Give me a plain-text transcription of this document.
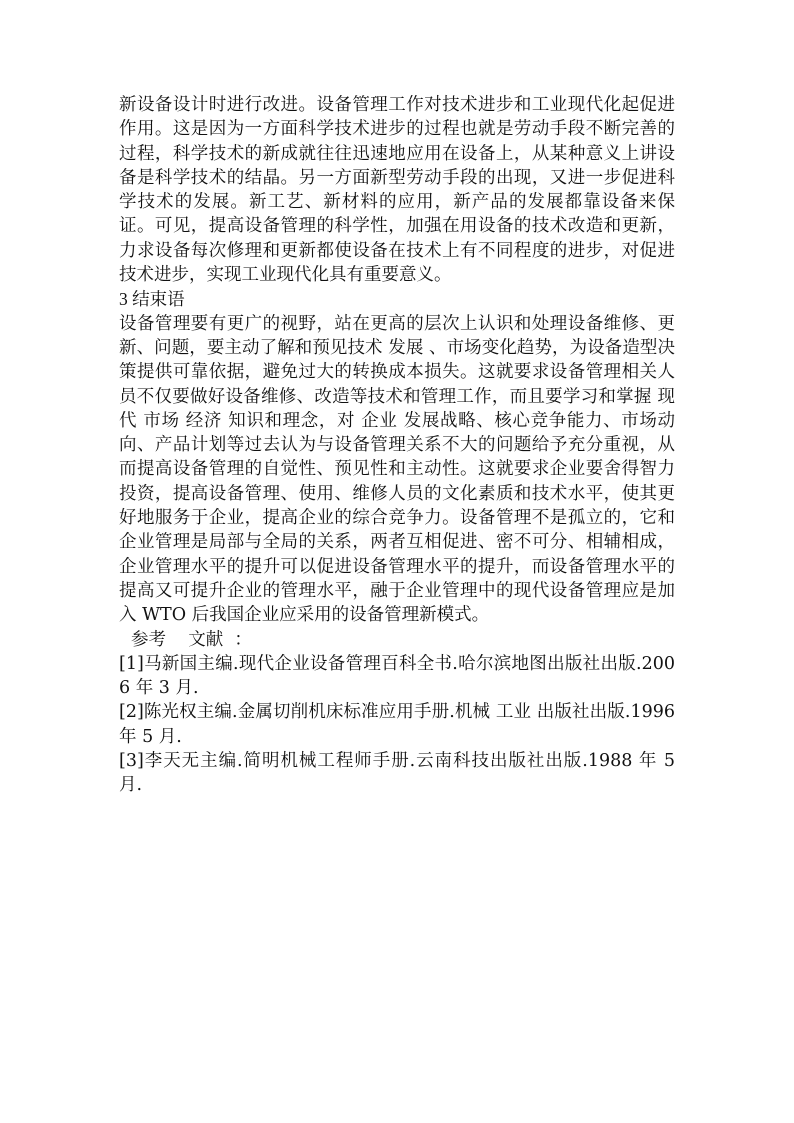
新设备设计时进行改进。设备管理工作对技术进步和工业现代化起促进作用。这是因为一方面科学技术进步的过程也就是劳动手段不断完善的过程，科学技术的新成就往往迅速地应用在设备上，从某种意义上讲设备是科学技术的结晶。另一方面新型劳动手段的出现，又进一步促进科学技术的发展。新工艺、新材料的应用，新产品的发展都靠设备来保证。可见，提高设备管理的科学性，加强在用设备的技术改造和更新，力求设备每次修理和更新都使设备在技术上有不同程度的进步，对促进技术进步，实现工业现代化具有重要意义。

3 结束语

设备管理要有更广的视野，站在更高的层次上认识和处理设备维修、更新、问题，要主动了解和预见技术 发展 、市场变化趋势，为设备造型决策提供可靠依据，避免过大的转换成本损失。这就要求设备管理相关人员不仅要做好设备维修、改造等技术和管理工作，而且要学习和掌握 现代 市场 经济 知识和理念，对 企业 发展战略、核心竞争能力、市场动向、产品计划等过去认为与设备管理关系不大的问题给予充分重视，从而提高设备管理的自觉性、预见性和主动性。这就要求企业要舍得智力投资，提高设备管理、使用、维修人员的文化素质和技术水平，使其更好地服务于企业，提高企业的综合竞争力。设备管理不是孤立的，它和企业管理是局部与全局的关系，两者互相促进、密不可分、相辅相成，企业管理水平的提升可以促进设备管理水平的提升，而设备管理水平的提高又可提升企业的管理水平，融于企业管理中的现代设备管理应是加入 WTO 后我国企业应采用的设备管理新模式。

参考    文献  ：

[1]马新国主编.现代企业设备管理百科全书.哈尔滨地图出版社出版.2006 年 3 月.

[2]陈光权主编.金属切削机床标准应用手册.机械 工业 出版社出版.1996 年 5 月.

[3]李天无主编.简明机械工程师手册.云南科技出版社出版.1988 年 5 月.
